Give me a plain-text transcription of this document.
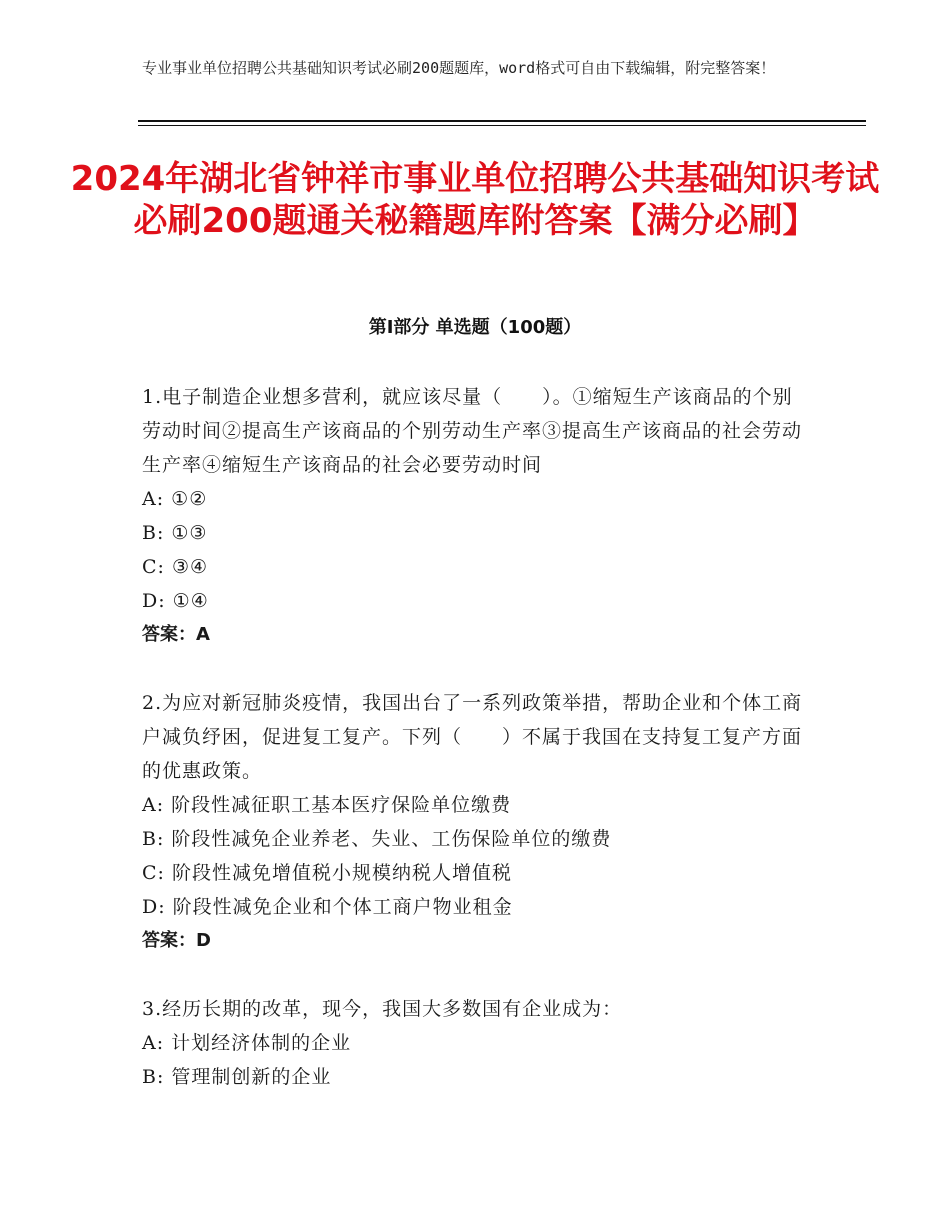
专业事业单位招聘公共基础知识考试必刷200题题库，word格式可自由下载编辑，附完整答案！
2024年湖北省钟祥市事业单位招聘公共基础知识考试必刷200题通关秘籍题库附答案【满分必刷】
第Ⅰ部分 单选题（100题）
1.电子制造企业想多营利，就应该尽量（　　）。①缩短生产该商品的个别劳动时间②提高生产该商品的个别劳动生产率③提高生产该商品的社会劳动生产率④缩短生产该商品的社会必要劳动时间
A: ①②
B: ①③
C: ③④
D: ①④
答案：A
2.为应对新冠肺炎疫情，我国出台了一系列政策举措，帮助企业和个体工商户减负纾困，促进复工复产。下列（　　）不属于我国在支持复工复产方面的优惠政策。
A: 阶段性减征职工基本医疗保险单位缴费
B: 阶段性减免企业养老、失业、工伤保险单位的缴费
C: 阶段性减免增值税小规模纳税人增值税
D: 阶段性减免企业和个体工商户物业租金
答案：D
3.经历长期的改革，现今，我国大多数国有企业成为：
A: 计划经济体制的企业
B: 管理制创新的企业
